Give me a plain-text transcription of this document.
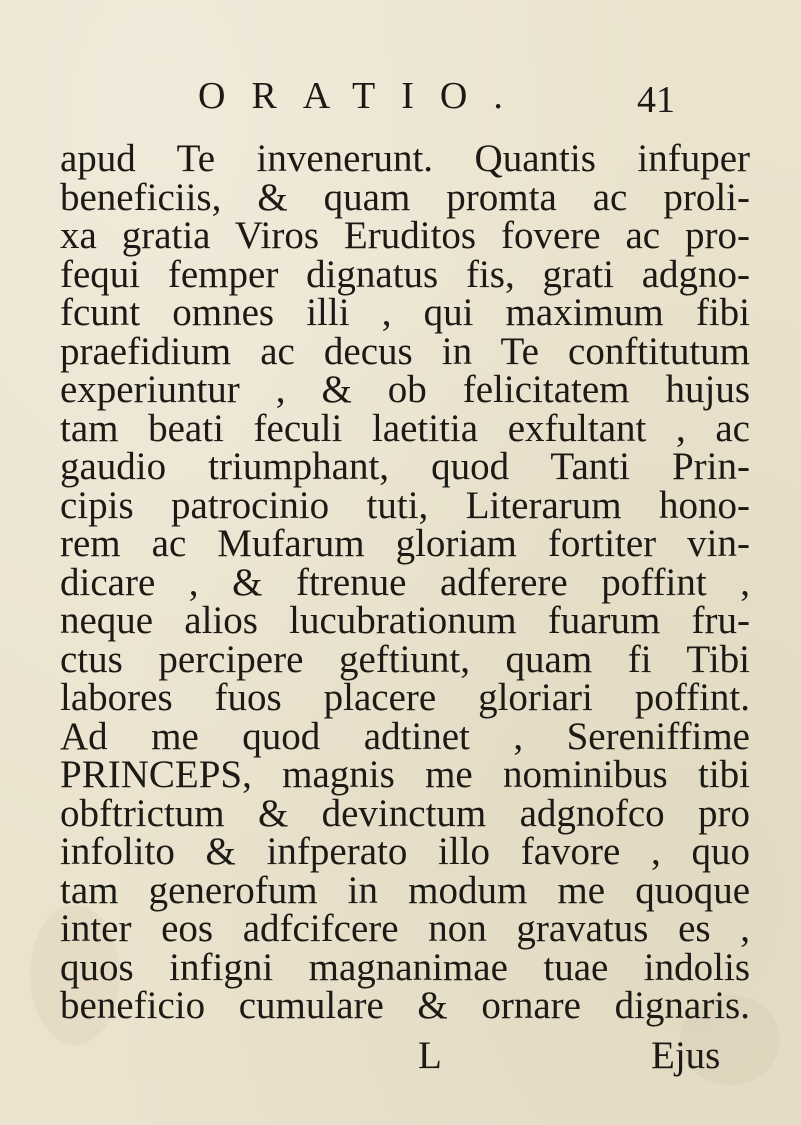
ORATIO.	41
apud Te invenerunt. Quantis infuper
beneficiis, & quam promta ac proli-
xa gratia Viros Eruditos fovere ac pro-
fequi femper dignatus fis, grati adgno-
fcunt omnes illi , qui maximum fibi
praefidium ac decus in Te conftitutum
experiuntur , & ob felicitatem hujus
tam beati feculi laetitia exfultant , ac
gaudio triumphant, quod Tanti Prin-
cipis patrocinio tuti, Literarum hono-
rem ac Mufarum gloriam fortiter vin-
dicare , & ftrenue adferere poffint ,
neque alios lucubrationum fuarum fru-
ctus percipere geftiunt, quam fi Tibi
labores fuos placere gloriari poffint.
Ad me quod adtinet , Sereniffime
PRINCEPS, magnis me nominibus tibi
obftrictum & devinctum adgnofco pro
infolito & infperato illo favore , quo
tam generofum in modum me quoque
inter eos adfcifcere non gravatus es ,
quos infigni magnanimae tuae indolis
beneficio cumulare & ornare dignaris.
L	Ejus
